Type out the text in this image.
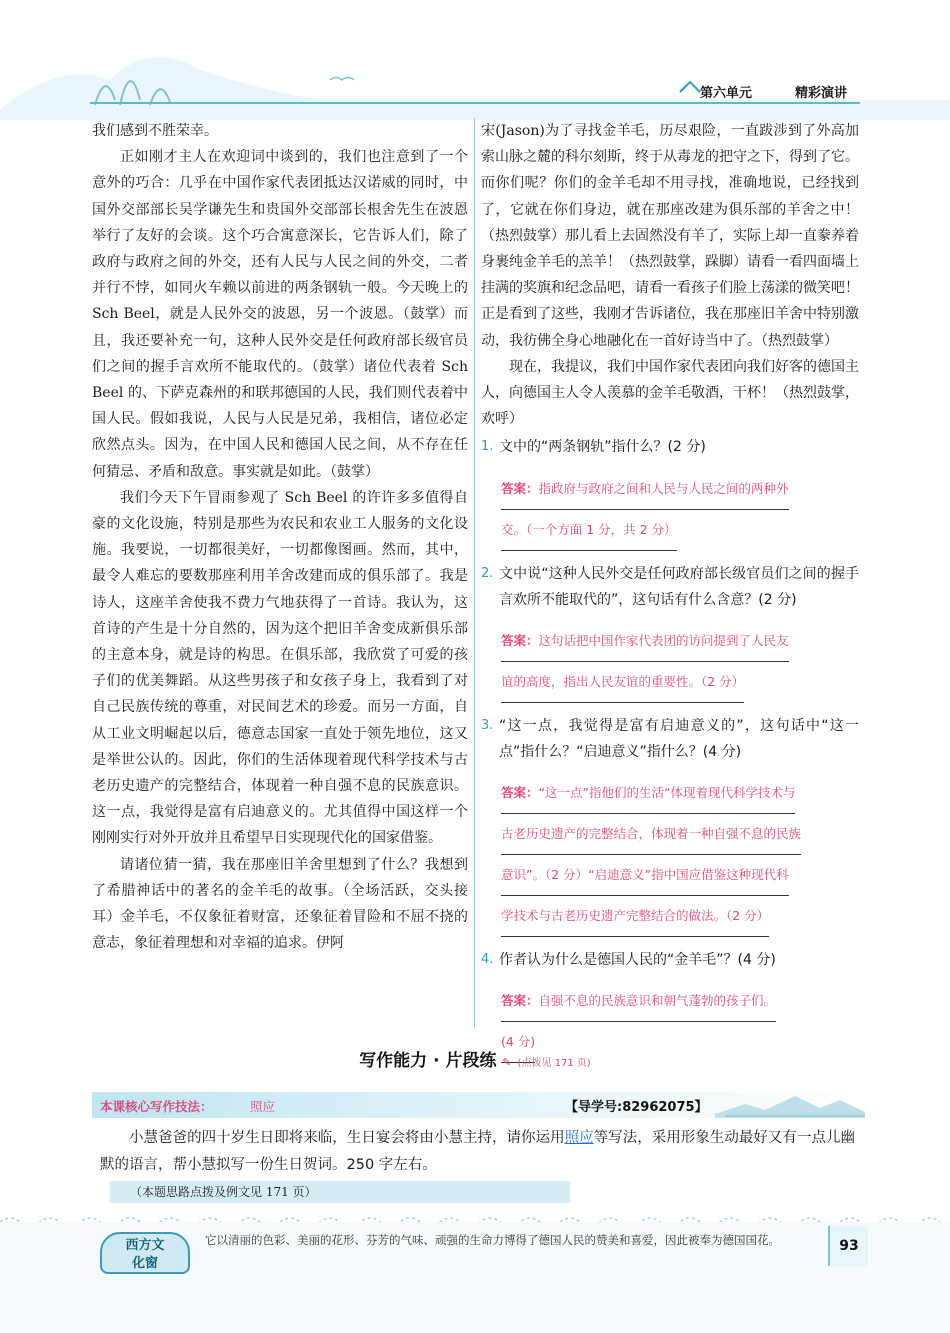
第六单元	精彩演讲

我们感到不胜荣幸。

正如刚才主人在欢迎词中谈到的，我们也注意到了一个意外的巧合：几乎在中国作家代表团抵达汉诺威的同时，中国外交部部长吴学谦先生和贵国外交部部长根舍先生在波恩举行了友好的会谈。这个巧合寓意深长，它告诉人们，除了政府与政府之间的外交，还有人民与人民之间的外交，二者并行不悖，如同火车赖以前进的两条钢轨一般。今天晚上的 Sch Beel，就是人民外交的波恩，另一个波恩。（鼓掌）而且，我还要补充一句，这种人民外交是任何政府部长级官员们之间的握手言欢所不能取代的。（鼓掌）诸位代表着 Sch Beel 的、下萨克森州的和联邦德国的人民，我们则代表着中国人民。假如我说，人民与人民是兄弟，我相信，诸位必定欣然点头。因为，在中国人民和德国人民之间，从不存在任何猜忌、矛盾和敌意。事实就是如此。（鼓掌）

我们今天下午冒雨参观了 Sch Beel 的许许多多值得自豪的文化设施，特别是那些为农民和农业工人服务的文化设施。我要说，一切都很美好，一切都像图画。然而，其中，最令人难忘的要数那座利用羊舍改建而成的俱乐部了。我是诗人，这座羊舍使我不费力气地获得了一首诗。我认为，这首诗的产生是十分自然的，因为这个把旧羊舍变成新俱乐部的主意本身，就是诗的构思。在俱乐部，我欣赏了可爱的孩子们的优美舞蹈。从这些男孩子和女孩子身上，我看到了对自己民族传统的尊重，对民间艺术的珍爱。而另一方面，自从工业文明崛起以后，德意志国家一直处于领先地位，这又是举世公认的。因此，你们的生活体现着现代科学技术与古老历史遗产的完整结合，体现着一种自强不息的民族意识。这一点，我觉得是富有启迪意义的。尤其值得中国这样一个刚刚实行对外开放并且希望早日实现现代化的国家借鉴。

请诸位猜一猜，我在那座旧羊舍里想到了什么？我想到了希腊神话中的著名的金羊毛的故事。（全场活跃，交头接耳）金羊毛，不仅象征着财富，还象征着冒险和不屈不挠的意志，象征着理想和对幸福的追求。伊阿

宋(Jason)为了寻找金羊毛，历尽艰险，一直跋涉到了外高加索山脉之麓的科尔刻斯，终于从毒龙的把守之下，得到了它。而你们呢？你们的金羊毛却不用寻找，准确地说，已经找到了，它就在你们身边，就在那座改建为俱乐部的羊舍之中！（热烈鼓掌）那儿看上去固然没有羊了，实际上却一直豢养着身裹纯金羊毛的羔羊！（热烈鼓掌，跺脚）请看一看四面墙上挂满的奖旗和纪念品吧，请看一看孩子们脸上荡漾的微笑吧！正是看到了这些，我刚才告诉诸位，我在那座旧羊舍中特别激动，我彷佛全身心地融化在一首好诗当中了。（热烈鼓掌）

现在，我提议，我们中国作家代表团向我们好客的德国主人，向德国主人令人羡慕的金羊毛敬酒，干杯！（热烈鼓掌，欢呼）

1. 文中的“两条钢轨”指什么？(2 分)
答案：指政府与政府之间和人民与人民之间的两种外
交。（一个方面 1 分，共 2 分）
2. 文中说“这种人民外交是任何政府部长级官员们之间的握手言欢所不能取代的”，这句话有什么含意？(2 分)
答案：这句话把中国作家代表团的访问提到了人民友
谊的高度，指出人民友谊的重要性。（2 分）
3. “这一点，我觉得是富有启迪意义的”，这句话中“这一点”指什么？“启迪意义”指什么？(4 分)
答案：“这一点”指他们的生活“体现着现代科学技术与
古老历史遗产的完整结合，体现着一种自强不息的民族
意识”。（2 分）“启迪意义”指中国应借鉴这种现代科
学技术与古老历史遗产完整结合的做法。（2 分）
4. 作者认为什么是德国人民的“金羊毛”？(4 分)
答案：自强不息的民族意识和朝气蓬勃的孩子们。
(4 分)
写作能力 · 片段练 ✎ (点拨见 171 页)
本课核心写作技法：	照应	【导学号:82962075】
小慧爸爸的四十岁生日即将来临，生日宴会将由小慧主持，请你运用照应等写法，采用形象生动最好又有一点儿幽默的语言，帮小慧拟写一份生日贺词。250 字左右。
（本题思路点拨及例文见 171 页）
西方文
化窗
它以清丽的色彩、美丽的花形、芬芳的气味、顽强的生命力博得了德国人民的赞美和喜爱，因此被奉为德国国花。	93
